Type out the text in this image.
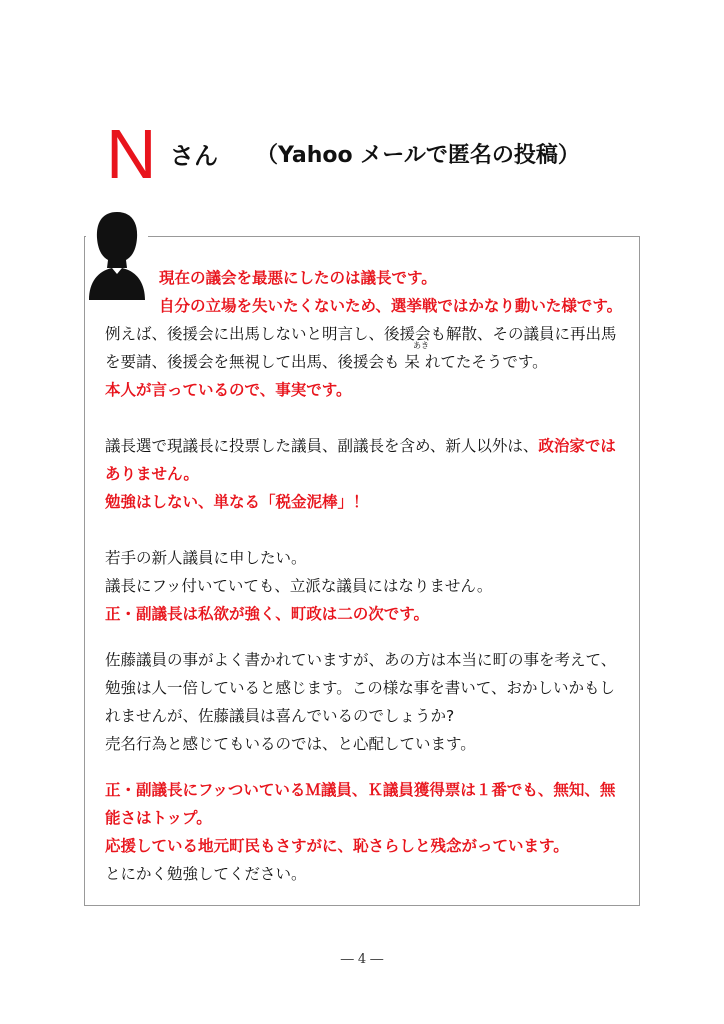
N さん （Yahoo メールで匿名の投稿）
現在の議会を最悪にしたのは議長です。
自分の立場を失いたくないため、選挙戦ではかなり動いた様です。
例えば、後援会に出馬しないと明言し、後援会も解散、その議員に再出馬
を要請、後援会を無視して出馬、後援会も 呆 れてたそうです。
あき
本人が言っているので、事実です。
議長選で現議長に投票した議員、副議長を含め、新人以外は、政治家では
ありません。
勉強はしない、単なる「税金泥棒」！
若手の新人議員に申したい。
議長にフッ付いていても、立派な議員にはなりません。
正・副議長は私欲が強く、町政は二の次です。
佐藤議員の事がよく書かれていますが、あの方は本当に町の事を考えて、
勉強は人一倍していると感じます。この様な事を書いて、おかしいかもし
れませんが、佐藤議員は喜んでいるのでしょうか?
売名行為と感じてもいるのでは、と心配しています。
正・副議長にフッついているＭ議員、Ｋ議員獲得票は１番でも、無知、無
能さはトップ。
応援している地元町民もさすがに、恥さらしと残念がっています。
とにかく勉強してください。
― 4 ―
